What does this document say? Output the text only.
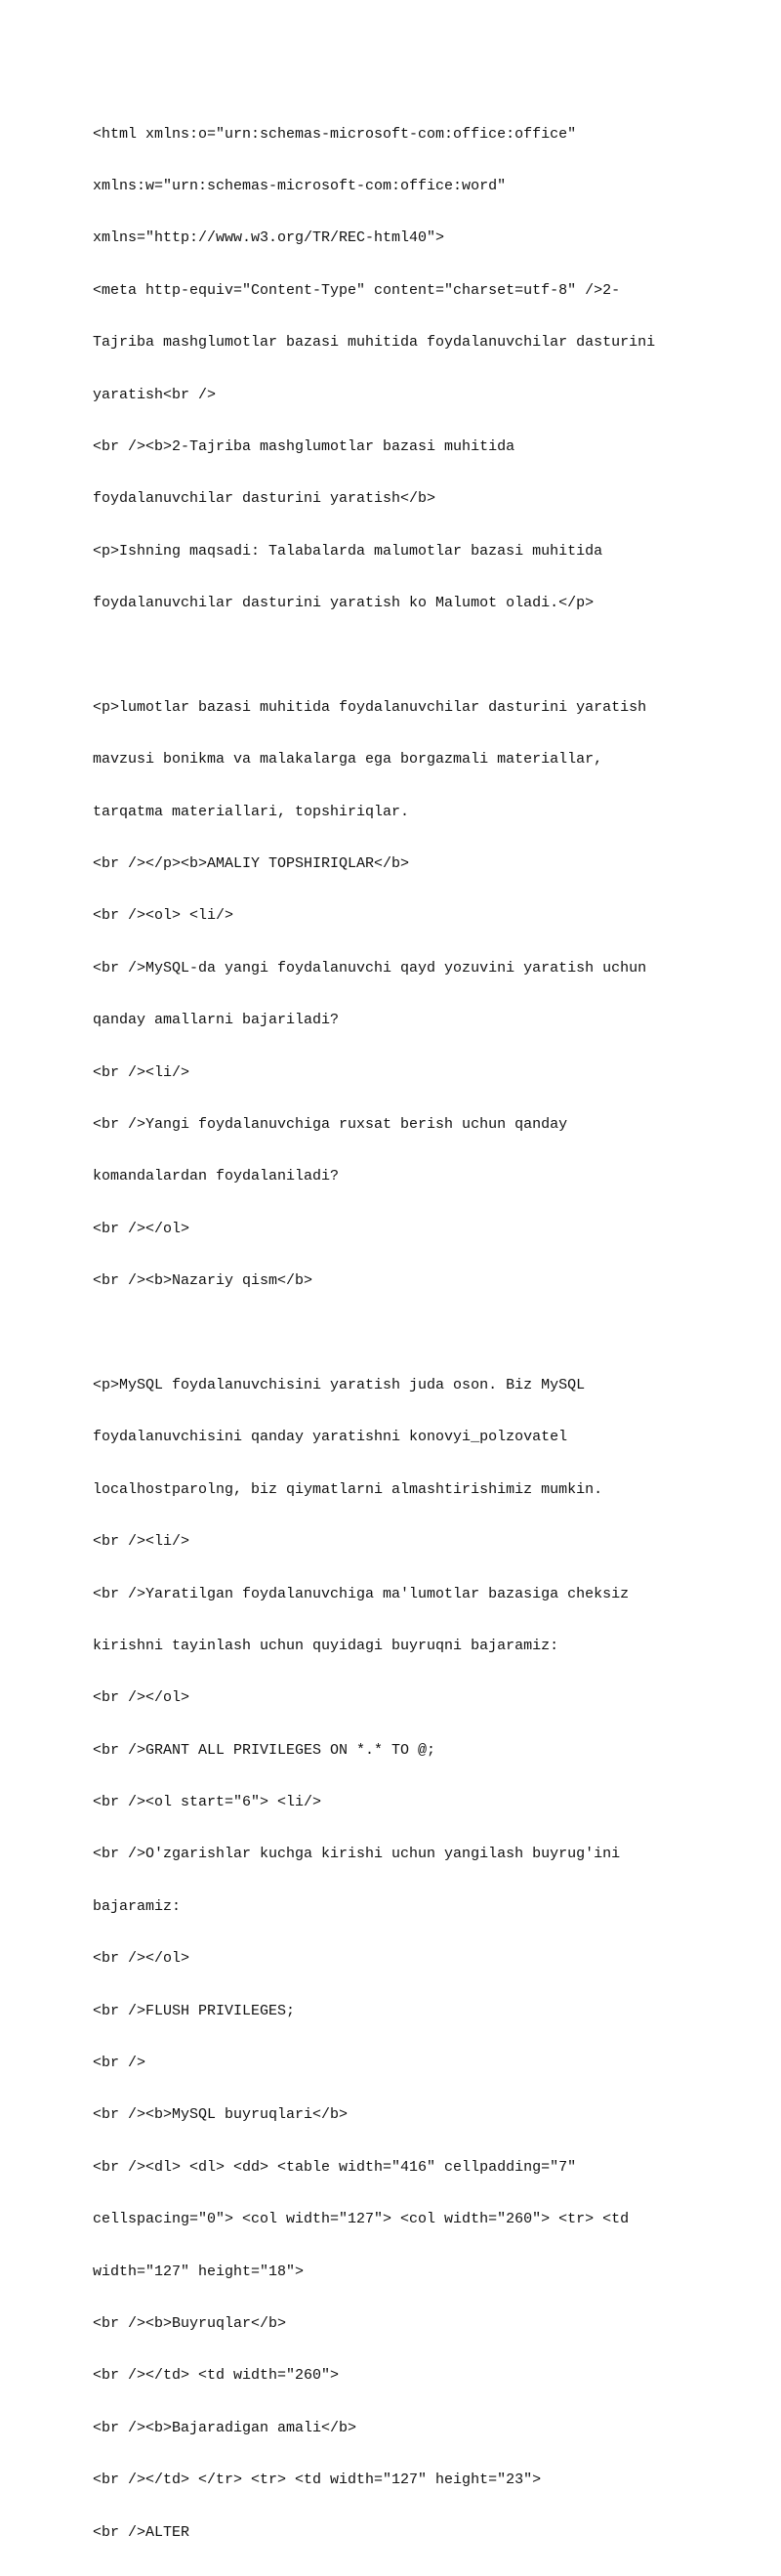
<html xmlns:o="urn:schemas-microsoft-com:office:office"

xmlns:w="urn:schemas-microsoft-com:office:word"

xmlns="http://www.w3.org/TR/REC-html40">

<meta http-equiv="Content-Type" content="charset=utf-8" />2-

Tajriba mashglumotlar bazasi muhitida foydalanuvchilar dasturini

yaratish<br />

<br /><b>2-Tajriba mashglumotlar bazasi muhitida

foydalanuvchilar dasturini yaratish</b>

<p>Ishning maqsadi: Talabalarda malumotlar bazasi muhitida

foydalanuvchilar dasturini yaratish ko Malumot oladi.</p>

<p>lumotlar bazasi muhitida foydalanuvchilar dasturini yaratish

mavzusi bonikma va malakalarga ega borgazmali materiallar,

tarqatma materiallari, topshiriqlar.

<br /></p><b>AMALIY TOPSHIRIQLAR</b>

<br /><ol> <li/>

<br />MySQL-da yangi foydalanuvchi qayd yozuvini yaratish uchun

qanday amallarni bajariladi?

<br /><li/>

<br />Yangi foydalanuvchiga ruxsat berish uchun qanday

komandalardan foydalaniladi?

<br /></ol>

<br /><b>Nazariy qism</b>

<p>MySQL foydalanuvchisini yaratish juda oson. Biz MySQL

foydalanuvchisini qanday yaratishni konovyi_polzovatel

localhostparolng, biz qiymatlarni almashtirishimiz mumkin.

<br /><li/>

<br />Yaratilgan foydalanuvchiga ma'lumotlar bazasiga cheksiz

kirishni tayinlash uchun quyidagi buyruqni bajaramiz:

<br /></ol>

<br />GRANT ALL PRIVILEGES ON *.* TO @;

<br /><ol start="6"> <li/>

<br />O'zgarishlar kuchga kirishi uchun yangilash buyrug'ini

bajaramiz:

<br /></ol>

<br />FLUSH PRIVILEGES;

<br />

<br /><b>MySQL buyruqlari</b>

<br /><dl> <dl> <dd> <table width="416" cellpadding="7"

cellspacing="0"> <col width="127"> <col width="260"> <tr> <td

width="127" height="18">

<br /><b>Buyruqlar</b>

<br /></td> <td width="260">

<br /><b>Bajaradigan amali</b>

<br /></td> </tr> <tr> <td width="127" height="23">

<br />ALTER
